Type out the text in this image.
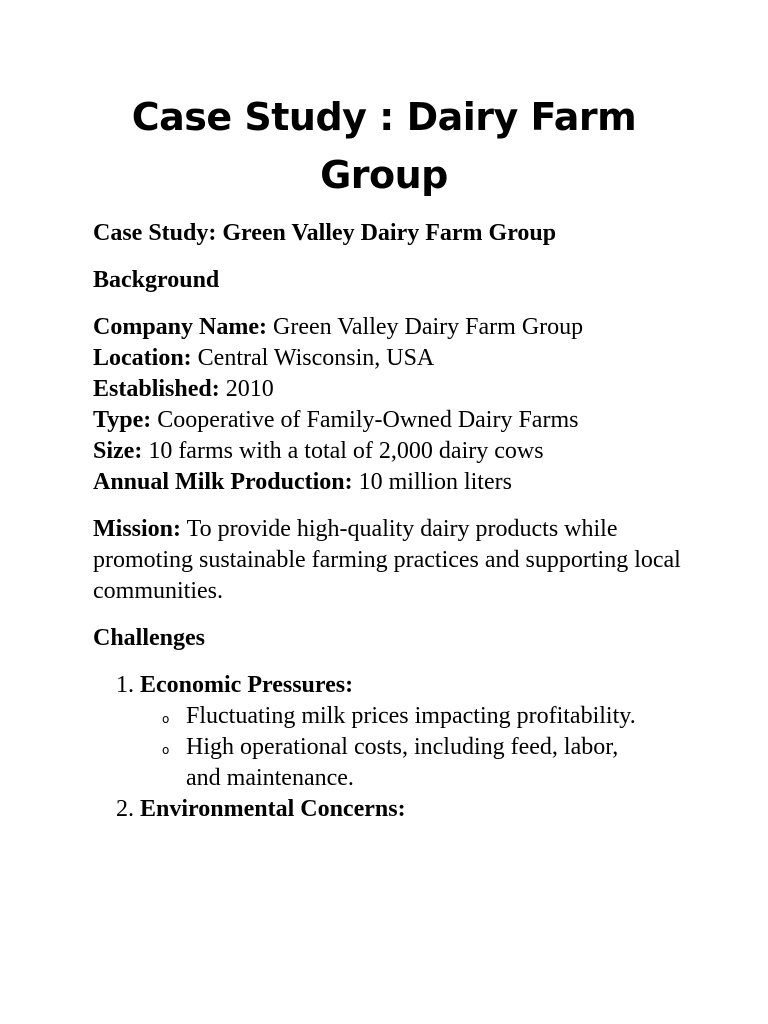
Case Study : Dairy Farm Group

Case Study: Green Valley Dairy Farm Group

Background

Company Name: Green Valley Dairy Farm Group
Location: Central Wisconsin, USA
Established: 2010
Type: Cooperative of Family-Owned Dairy Farms
Size: 10 farms with a total of 2,000 dairy cows
Annual Milk Production: 10 million liters

Mission: To provide high-quality dairy products while promoting sustainable farming practices and supporting local communities.

Challenges

1. Economic Pressures:
o Fluctuating milk prices impacting profitability.
o High operational costs, including feed, labor, and maintenance.
2. Environmental Concerns:
